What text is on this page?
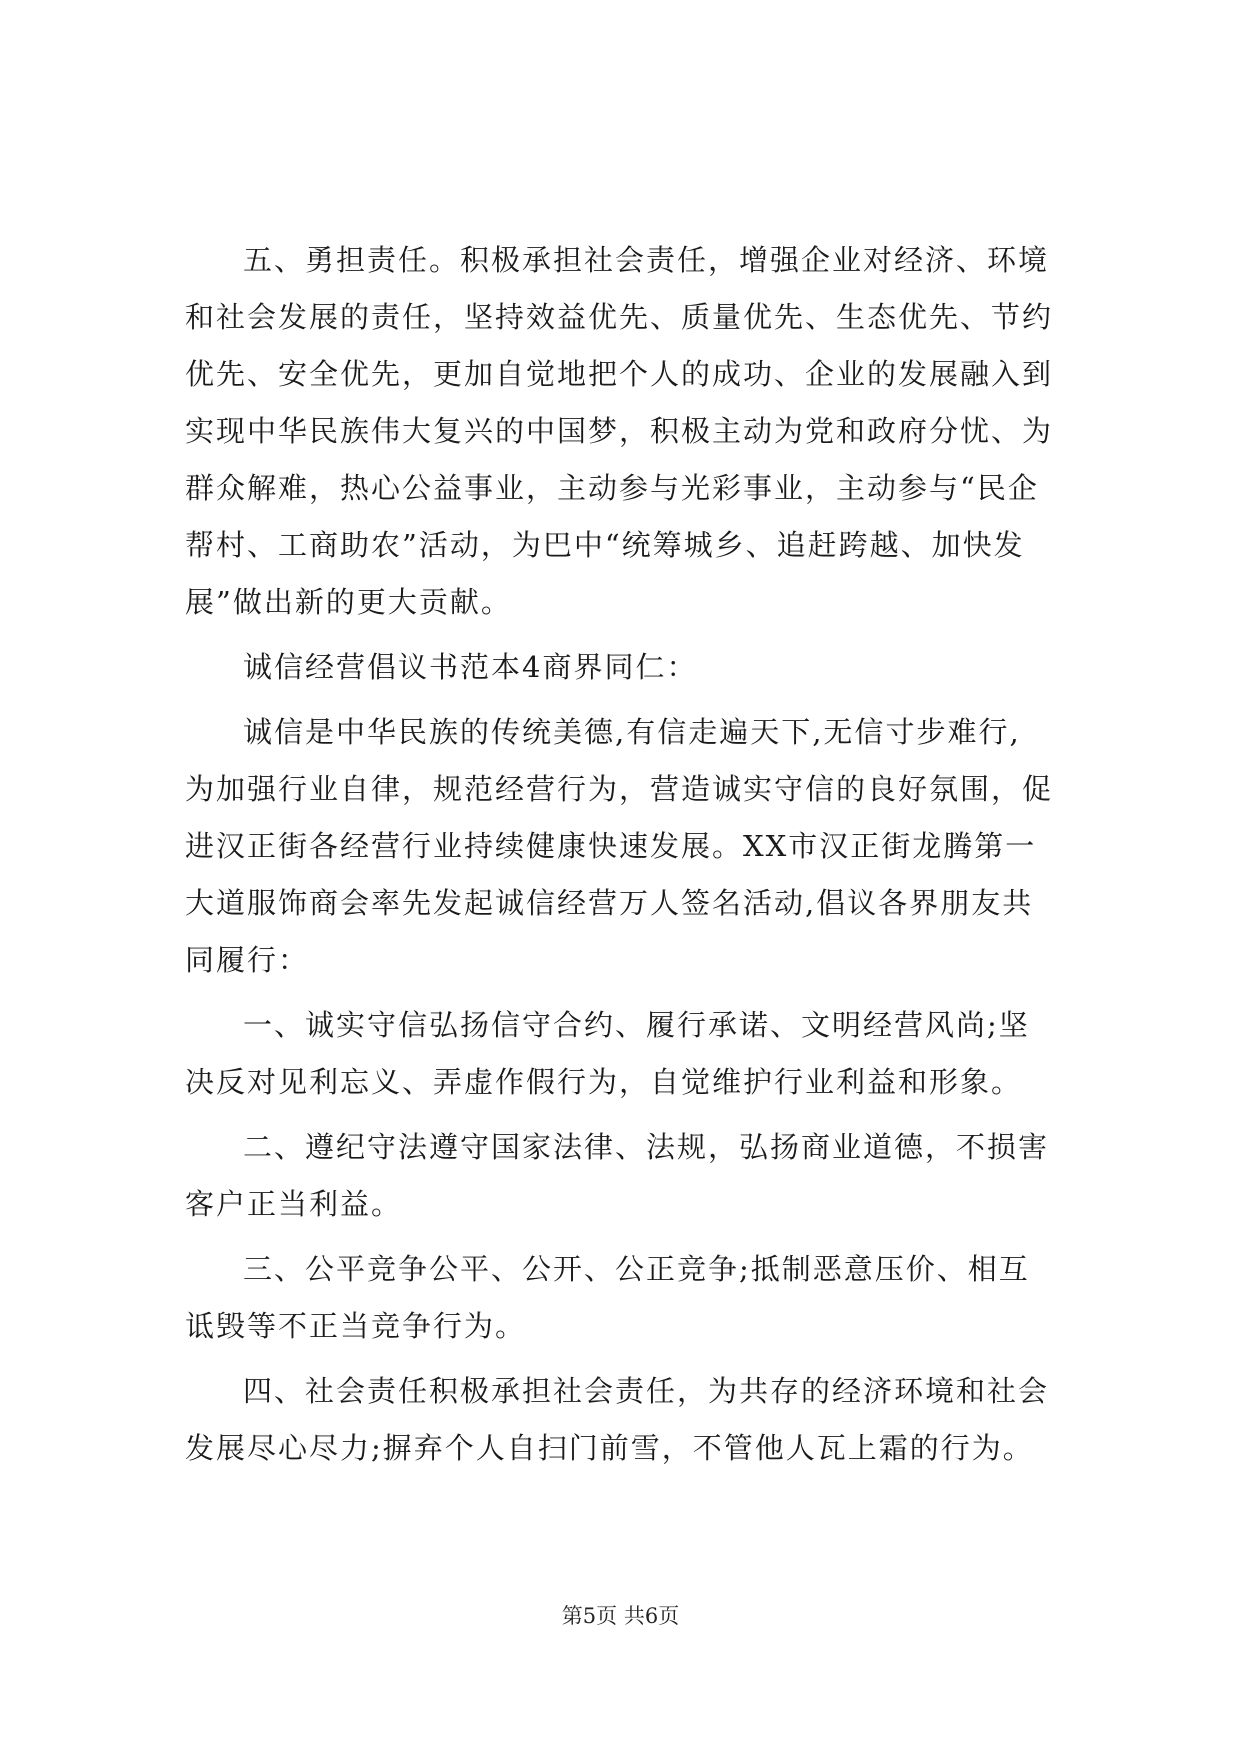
五、勇担责任。积极承担社会责任，增强企业对经济、环境
和社会发展的责任，坚持效益优先、质量优先、生态优先、节约
优先、安全优先，更加自觉地把个人的成功、企业的发展融入到
实现中华民族伟大复兴的中国梦，积极主动为党和政府分忧、为
群众解难，热心公益事业，主动参与光彩事业，主动参与“民企
帮村、工商助农”活动，为巴中“统筹城乡、追赶跨越、加快发
展”做出新的更大贡献。
诚信经营倡议书范本4商界同仁：
诚信是中华民族的传统美德,有信走遍天下,无信寸步难行,
为加强行业自律，规范经营行为，营造诚实守信的良好氛围，促
进汉正街各经营行业持续健康快速发展。XX市汉正街龙腾第一
大道服饰商会率先发起诚信经营万人签名活动,倡议各界朋友共
同履行：
一、诚实守信弘扬信守合约、履行承诺、文明经营风尚;坚
决反对见利忘义、弄虚作假行为，自觉维护行业利益和形象。
二、遵纪守法遵守国家法律、法规，弘扬商业道德，不损害
客户正当利益。
三、公平竞争公平、公开、公正竞争;抵制恶意压价、相互
诋毁等不正当竞争行为。
四、社会责任积极承担社会责任，为共存的经济环境和社会
发展尽心尽力;摒弃个人自扫门前雪，不管他人瓦上霜的行为。
第5页 共6页
